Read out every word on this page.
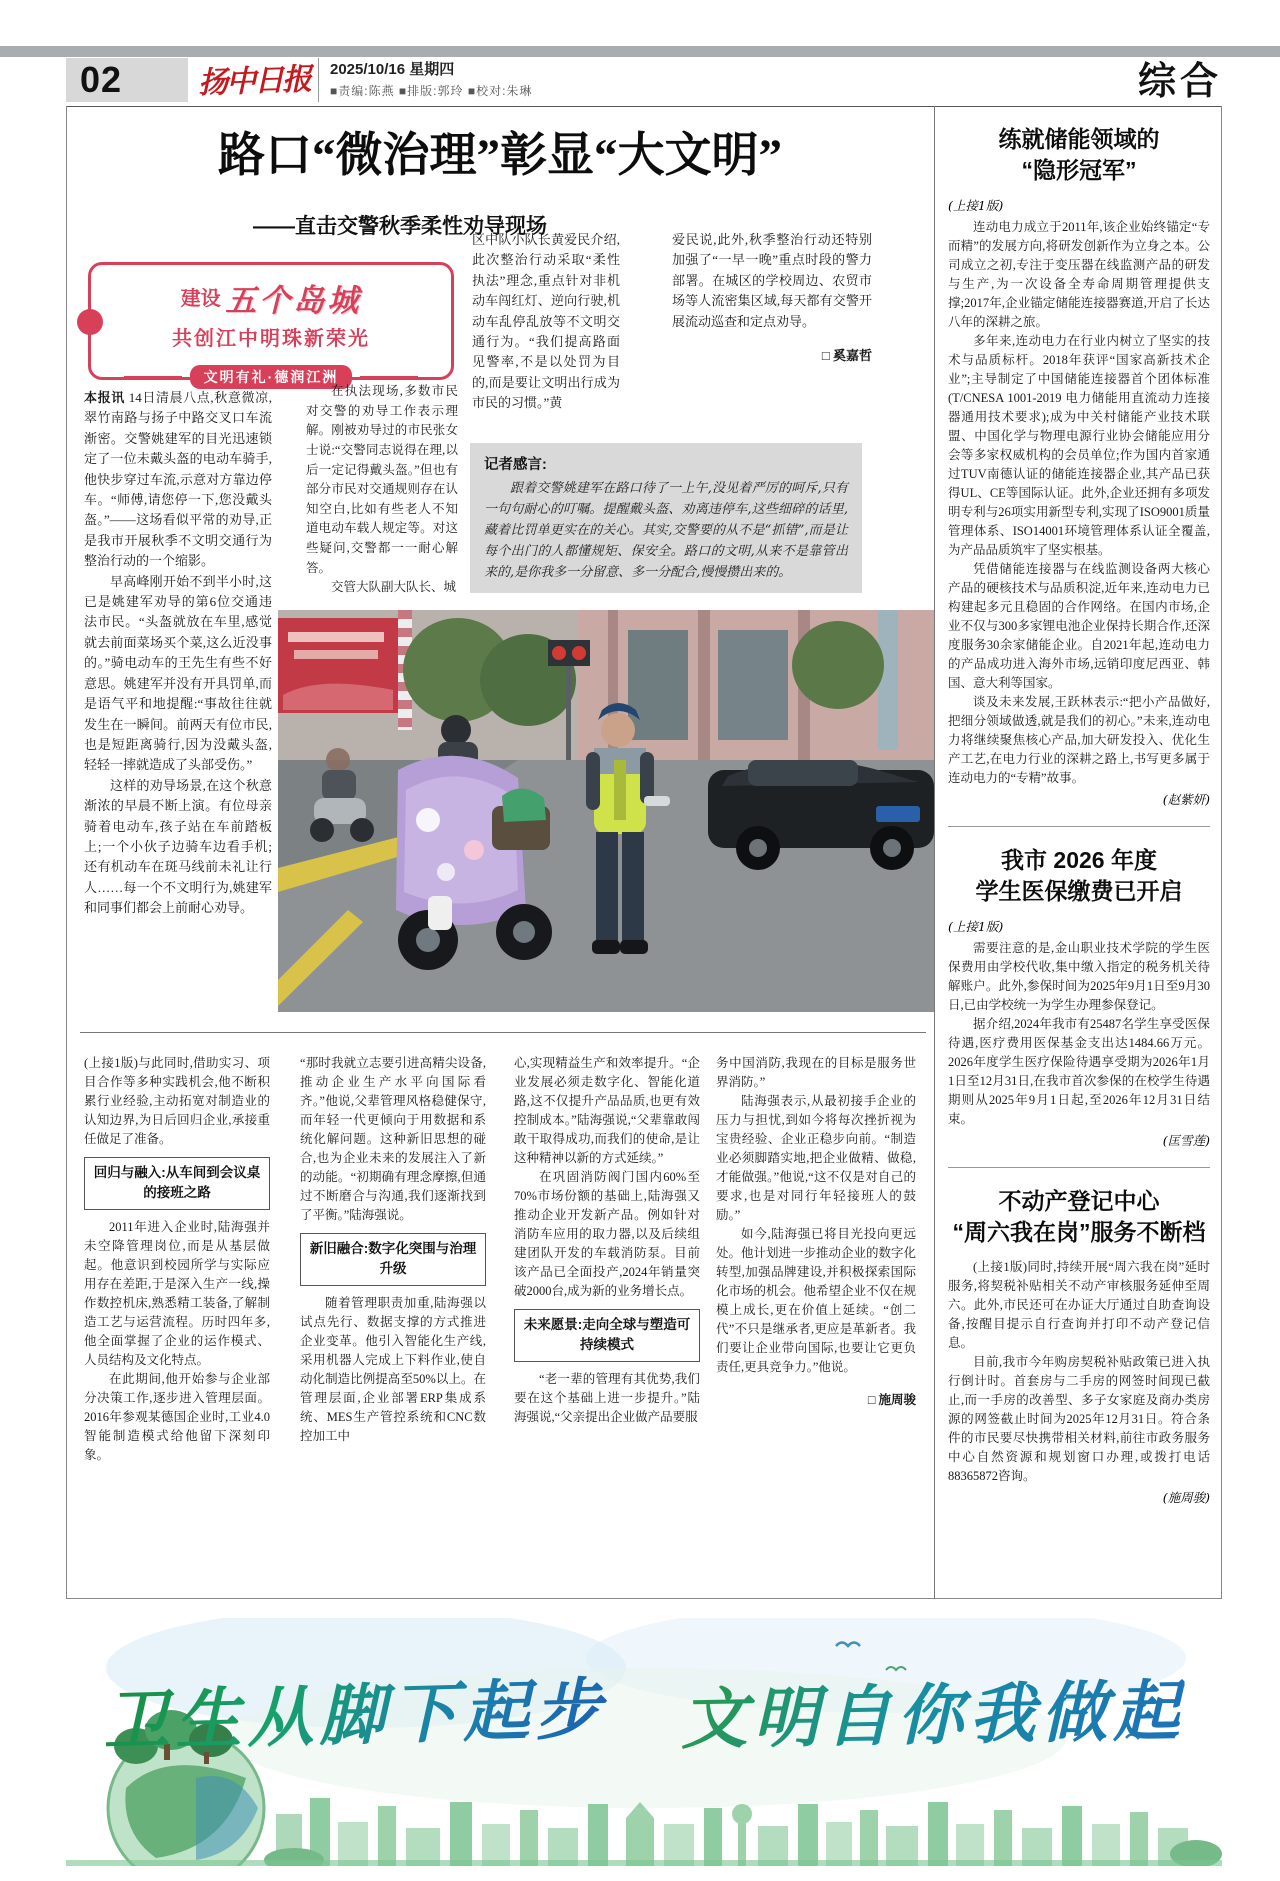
02	扬中日报 2025/10/16 星期四
■责编:陈燕 ■排版:郭玲 ■校对:朱琳	综合
路口“微治理”彰显“大文明”
——直击交警秋季柔性劝导现场
建设 五个岛城
共创江中明珠新荣光
文明有礼·德润江洲

本报讯 14日清晨八点,秋意微凉,翠竹南路与扬子中路交叉口车流渐密。交警姚建军的目光迅速锁定了一位未戴头盔的电动车骑手,他快步穿过车流,示意对方靠边停车。“师傅,请您停一下,您没戴头盔。”——这场看似平常的劝导,正是我市开展秋季不文明交通行为整治行动的一个缩影。

早高峰刚开始不到半小时,这已是姚建军劝导的第6位交通违法市民。“头盔就放在车里,感觉就去前面菜场买个菜,这么近没事的。”骑电动车的王先生有些不好意思。姚建军并没有开具罚单,而是语气平和地提醒:“事故往往就发生在一瞬间。前两天有位市民,也是短距离骑行,因为没戴头盔,轻轻一摔就造成了头部受伤。”

这样的劝导场景,在这个秋意渐浓的早晨不断上演。有位母亲骑着电动车,孩子站在车前踏板上;一个小伙子边骑车边看手机;还有机动车在斑马线前未礼让行人……每一个不文明行为,姚建军和同事们都会上前耐心劝导。

在执法现场,多数市民对交警的劝导工作表示理解。刚被劝导过的市民张女士说:“交警同志说得在理,以后一定记得戴头盔。”但也有部分市民对交通规则存在认知空白,比如有些老人不知道电动车载人规定等。对这些疑问,交警都一一耐心解答。

交管大队副大队长、城

区中队小队长黄爱民介绍,此次整治行动采取“柔性执法”理念,重点针对非机动车闯红灯、逆向行驶,机动车乱停乱放等不文明交通行为。“我们提高路面见警率,不是以处罚为目的,而是要让文明出行成为市民的习惯。”黄

爱民说,此外,秋季整治行动还特别加强了“一早一晚”重点时段的警力部署。在城区的学校周边、农贸市场等人流密集区域,每天都有交警开展流动巡查和定点劝导。

□ 奚嘉哲

记者感言:
跟着交警姚建军在路口待了一上午,没见着严厉的呵斥,只有一句句耐心的叮嘱。提醒戴头盔、劝离违停车,这些细碎的话里,藏着比罚单更实在的关心。其实,交警要的从不是“抓错”,而是让每个出门的人都懂规矩、保安全。路口的文明,从来不是靠管出来的,是你我多一分留意、多一分配合,慢慢攒出来的。

(上接1版)与此同时,借助实习、项目合作等多种实践机会,他不断积累行业经验,主动拓宽对制造业的认知边界,为日后回归企业,承接重任做足了准备。

回归与融入:从车间到会议桌的接班之路

2011年进入企业时,陆海强并未空降管理岗位,而是从基层做起。他意识到校园所学与实际应用存在差距,于是深入生产一线,操作数控机床,熟悉精工装备,了解制造工艺与运营流程。历时四年多,他全面掌握了企业的运作模式、人员结构及文化特点。

在此期间,他开始参与企业部分决策工作,逐步进入管理层面。2016年参观某德国企业时,工业4.0智能制造模式给他留下深刻印象。

“那时我就立志要引进高精尖设备,推动企业生产水平向国际看齐。”他说,父辈管理风格稳健保守,而年轻一代更倾向于用数据和系统化解问题。这种新旧思想的碰合,也为企业未来的发展注入了新的动能。“初期确有理念摩擦,但通过不断磨合与沟通,我们逐渐找到了平衡。”陆海强说。

新旧融合:数字化突围与治理升级

随着管理职责加重,陆海强以试点先行、数据支撑的方式推进企业变革。他引入智能化生产线,采用机器人完成上下料作业,使自动化制造比例提高至50%以上。在管理层面,企业部署ERP集成系统、MES生产管控系统和CNC数控加工中

心,实现精益生产和效率提升。“企业发展必须走数字化、智能化道路,这不仅提升产品品质,也更有效控制成本。”陆海强说,“父辈靠敢闯敢干取得成功,而我们的使命,是让这种精神以新的方式延续。”

在巩固消防阀门国内60%至70%市场份额的基础上,陆海强又推动企业开发新产品。例如针对消防车应用的取力器,以及后续组建团队开发的车载消防泵。目前该产品已全面投产,2024年销量突破2000台,成为新的业务增长点。

未来愿景:走向全球与塑造可持续模式

“老一辈的管理有其优势,我们要在这个基础上进一步提升。”陆海强说,“父亲提出企业做产品要服

务中国消防,我现在的目标是服务世界消防。”

陆海强表示,从最初接手企业的压力与担忧,到如今将每次挫折视为宝贵经验、企业正稳步向前。“制造业必须脚踏实地,把企业做精、做稳,才能做强。”他说,“这不仅是对自己的要求,也是对同行年轻接班人的鼓励。”

如今,陆海强已将目光投向更远处。他计划进一步推动企业的数字化转型,加强品牌建设,并积极探索国际化市场的机会。他希望企业不仅在规模上成长,更在价值上延续。“创二代”不只是继承者,更应是革新者。我们要让企业带向国际,也要让它更负责任,更具竞争力。”他说。

□ 施周骏

练就储能领域的
“隐形冠军”
(上接1版)

连动电力成立于2011年,该企业始终锚定“专而精”的发展方向,将研发创新作为立身之本。公司成立之初,专注于变压器在线监测产品的研发与生产,为一次设备全寿命周期管理提供支撑;2017年,企业锚定储能连接器赛道,开启了长达八年的深耕之旅。

多年来,连动电力在行业内树立了坚实的技术与品质标杆。2018年获评“国家高新技术企业”;主导制定了中国储能连接器首个团体标准(T/CNESA 1001-2019 电力储能用直流动力连接器通用技术要求);成为中关村储能产业技术联盟、中国化学与物理电源行业协会储能应用分会等多家权威机构的会员单位;作为国内首家通过TUV南德认证的储能连接器企业,其产品已获得UL、CE等国际认证。此外,企业还拥有多项发明专利与26项实用新型专利,实现了ISO9001质量管理体系、ISO14001环境管理体系认证全覆盖,为产品品质筑牢了坚实根基。

凭借储能连接器与在线监测设备两大核心产品的硬核技术与品质积淀,近年来,连动电力已构建起多元且稳固的合作网络。在国内市场,企业不仅与300多家锂电池企业保持长期合作,还深度服务30余家储能企业。自2021年起,连动电力的产品成功进入海外市场,远销印度尼西亚、韩国、意大利等国家。

谈及未来发展,王跃林表示:“把小产品做好,把细分领域做透,就是我们的初心。”未来,连动电力将继续聚焦核心产品,加大研发投入、优化生产工艺,在电力行业的深耕之路上,书写更多属于连动电力的“专精”故事。

(赵紫妍)
我市 2026 年度
学生医保缴费已开启
(上接1版)

需要注意的是,金山职业技术学院的学生医保费用由学校代收,集中缴入指定的税务机关待解账户。此外,参保时间为2025年9月1日至9月30日,已由学校统一为学生办理参保登记。

据介绍,2024年我市有25487名学生享受医保待遇,医疗费用医保基金支出达1484.66万元。2026年度学生医疗保险待遇享受期为2026年1月1日至12月31日,在我市首次参保的在校学生待遇期则从2025年9月1日起,至2026年12月31日结束。

(匡雪莲)
不动产登记中心
“周六我在岗”服务不断档

(上接1版)同时,持续开展“周六我在岗”延时服务,将契税补贴相关不动产审核服务延伸至周六。此外,市民还可在办证大厅通过自助查询设备,按醒目提示自行查询并打印不动产登记信息。

目前,我市今年购房契税补贴政策已进入执行倒计时。首套房与二手房的网签时间现已截止,而一手房的改善型、多子女家庭及商办类房源的网签截止时间为2025年12月31日。符合条件的市民要尽快携带相关材料,前往市政务服务中心自然资源和规划窗口办理,或拨打电话88365872咨询。

(施周骏)
卫生从脚下起步 文明自你我做起
